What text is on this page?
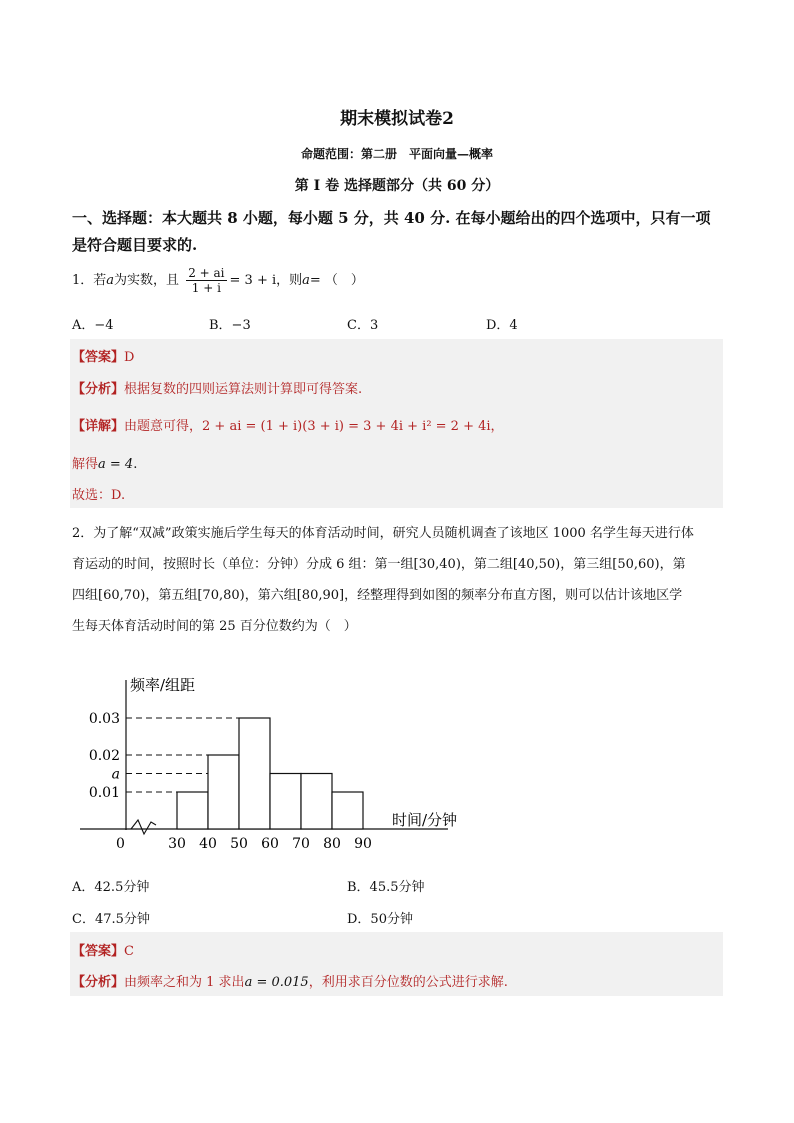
期末模拟试卷2
命题范围：第二册　平面向量—概率
第 I 卷 选择题部分（共 60 分）
一、选择题：本大题共 8 小题，每小题 5 分，共 40 分. 在每小题给出的四个选项中，只有一项
是符合题目要求的.
1．若a为实数，且 $\frac{2 + ai}{1 + i} = 3 + i$，则a= （　）
A．−4	B．−3	C．3	D．4
【答案】D
【分析】根据复数的四则运算法则计算即可得答案.
【详解】由题意可得，2 + ai = (1 + i)(3 + i) = 3 + 4i + i² = 2 + 4i，
解得a = 4.
故选：D.
2．为了解“双减”政策实施后学生每天的体育活动时间，研究人员随机调查了该地区 1000 名学生每天进行体
育运动的时间，按照时长（单位：分钟）分成 6 组：第一组[30,40)，第二组[40,50)，第三组[50,60)，第
四组[60,70)，第五组[70,80)，第六组[80,90]，经整理得到如图的频率分布直方图，则可以估计该地区学
生每天体育活动时间的第 25 百分位数约为（　）
频率/组距
时间/分钟
0
0.03
0.02
a
0.01
30 40 50 60 70 80 90
A．42.5分钟	B．45.5分钟
C．47.5分钟	D．50分钟
【答案】C
【分析】由频率之和为 1 求出a = 0.015，利用求百分位数的公式进行求解.
